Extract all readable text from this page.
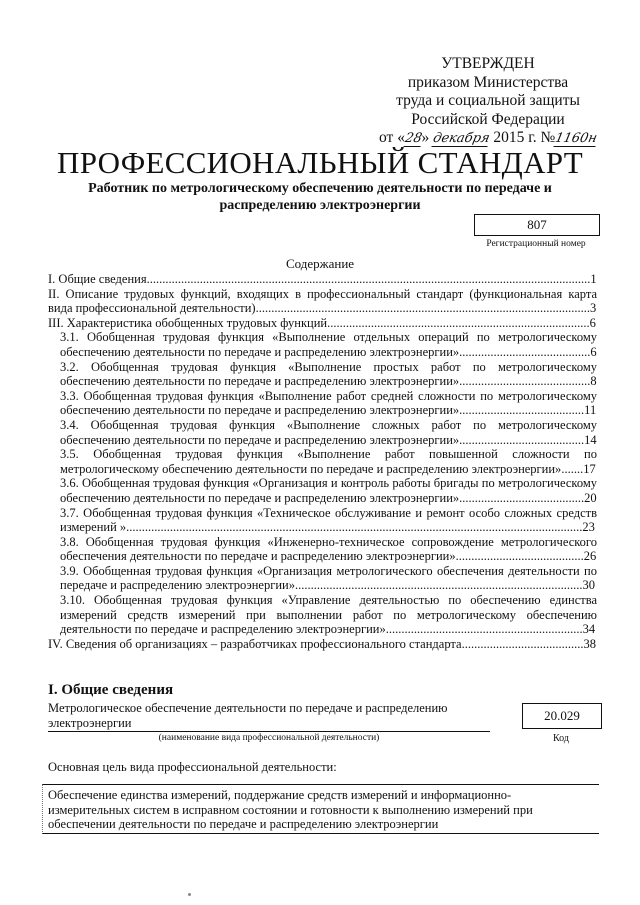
УТВЕРЖДЕН
приказом Министерства
труда и социальной защиты
Российской Федерации
от «28» декабря 2015 г. №1160н
ПРОФЕССИОНАЛЬНЫЙ СТАНДАРТ
Работник по метрологическому обеспечению деятельности по передаче и распределению электроэнергии
807
Регистрационный номер
Содержание
I. Общие сведения..............................................................................................................................................1
II. Описание трудовых функций, входящих в профессиональный стандарт (функциональная карта вида профессиональной деятельности)...........................................................................................................3
III. Характеристика обобщенных трудовых функций....................................................................................6
3.1. Обобщенная трудовая функция «Выполнение отдельных операций по метрологическому обеспечению деятельности по передаче и распределению электроэнергии»..........................................6
3.2. Обобщенная трудовая функция «Выполнение простых работ по метрологическому обеспечению деятельности по передаче и распределению электроэнергии»..........................................8
3.3. Обобщенная трудовая функция «Выполнение работ средней сложности по метрологическому обеспечению деятельности по передаче и распределению электроэнергии»........................................11
3.4. Обобщенная трудовая функция «Выполнение сложных работ по метрологическому обеспечению деятельности по передаче и распределению электроэнергии»........................................14
3.5. Обобщенная трудовая функция «Выполнение работ повышенной сложности по метрологическому обеспечению деятельности по передаче и распределению электроэнергии».......17
3.6. Обобщенная трудовая функция «Организация и контроль работы бригады по метрологическому обеспечению деятельности по передаче и распределению электроэнергии»........................................20
3.7. Обобщенная трудовая функция «Техническое обслуживание и ремонт особо сложных средств измерений »..................................................................................................................................................23
3.8. Обобщенная трудовая функция «Инженерно-техническое сопровождение метрологического обеспечения деятельности по передаче и распределению электроэнергии».........................................26
3.9. Обобщенная трудовая функция «Организация метрологического обеспечения деятельности по передаче и распределению электроэнергии»............................................................................................30
3.10. Обобщенная трудовая функция «Управление деятельностью по обеспечению единства измерений средств измерений при выполнении работ по метрологическому обеспечению деятельности по передаче и распределению электроэнергии»...............................................................34
IV. Сведения об организациях – разработчиках профессионального стандарта.......................................38
I. Общие сведения
Метрологическое обеспечение деятельности по передаче и распределению электроэнергии
(наименование вида профессиональной деятельности)
20.029
Код
Основная цель вида профессиональной деятельности:
Обеспечение единства измерений, поддержание средств измерений и информационно-измерительных систем в исправном состоянии и готовности к выполнению измерений при обеспечении деятельности по передаче и распределению электроэнергии
